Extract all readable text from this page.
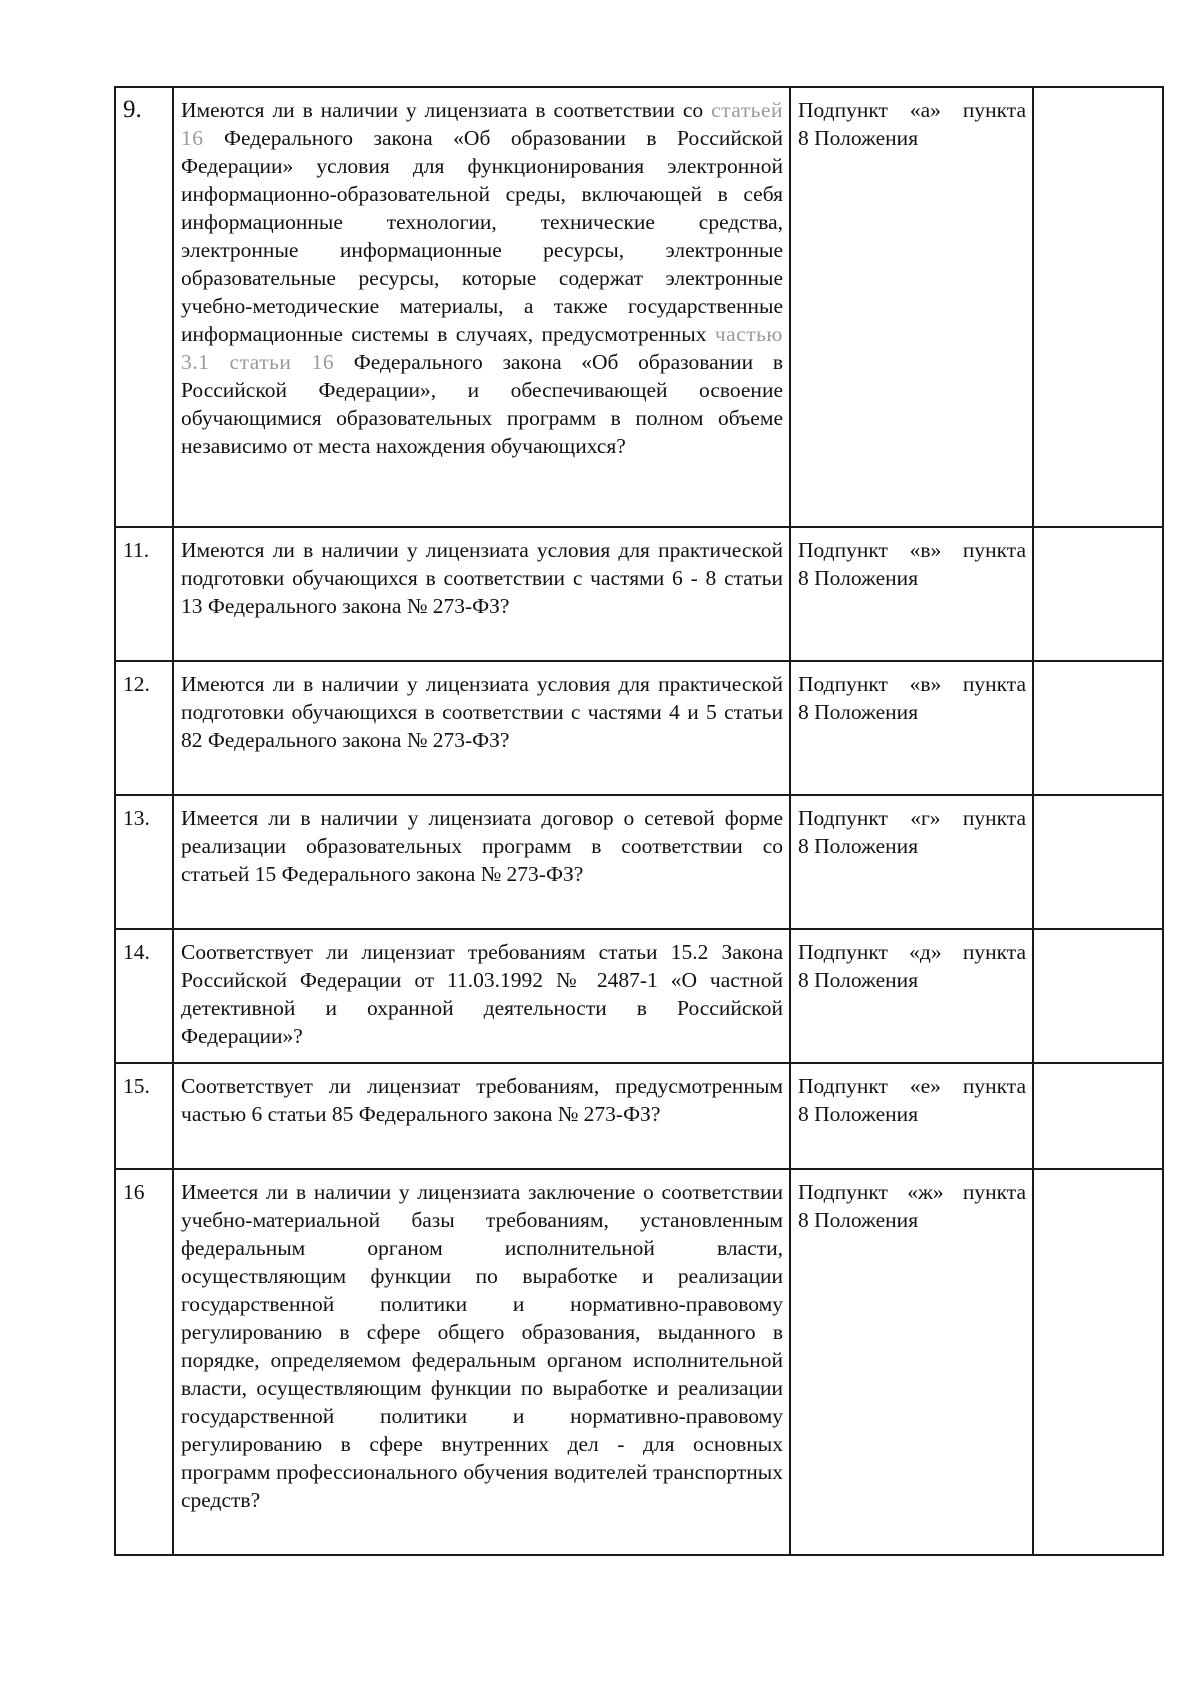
9.	Имеются ли в наличии у лицензиата в соответствии со статьей 16 Федерального закона «Об образовании в Российской Федерации» условия для функционирования электронной информационно-образовательной среды, включающей в себя информационные технологии, технические средства, электронные информационные ресурсы, электронные образовательные ресурсы, которые содержат электронные учебно-методические материалы, а также государственные информационные системы в случаях, предусмотренных частью 3.1 статьи 16 Федерального закона «Об образовании в Российской Федерации», и обеспечивающей освоение обучающимися образовательных программ в полном объеме независимо от места нахождения обучающихся?	Подпункт «а» пункта
8 Положения	

11.	Имеются ли в наличии у лицензиата условия для практической подготовки обучающихся в соответствии с частями 6 - 8 статьи 13 Федерального закона № 273-ФЗ?	Подпункт «в» пункта
8 Положения	

12.	Имеются ли в наличии у лицензиата условия для практической подготовки обучающихся в соответствии с частями 4 и 5 статьи 82 Федерального закона № 273-ФЗ?	Подпункт «в» пункта
8 Положения	

13.	Имеется ли в наличии у лицензиата договор о сетевой форме реализации образовательных программ в соответствии со статьей 15 Федерального закона № 273-ФЗ?	Подпункт «г» пункта
8 Положения	

14.	Соответствует ли лицензиат требованиям статьи 15.2 Закона Российской Федерации от 11.03.1992 № 2487-1 «О частной детективной и охранной деятельности в Российской Федерации»?	Подпункт «д» пункта
8 Положения	

15.	Соответствует ли лицензиат требованиям, предусмотренным частью 6 статьи 85 Федерального закона № 273-ФЗ?	Подпункт «е» пункта
8 Положения	

16	Имеется ли в наличии у лицензиата заключение о соответствии учебно-материальной базы требованиям, установленным федеральным органом исполнительной власти, осуществляющим функции по выработке и реализации государственной политики и нормативно-правовому регулированию в сфере общего образования, выданного в порядке, определяемом федеральным органом исполнительной власти, осуществляющим функции по выработке и реализации государственной политики и нормативно-правовому регулированию в сфере внутренних дел - для основных программ профессионального обучения водителей транспортных средств?	Подпункт «ж» пункта
8 Положения	
